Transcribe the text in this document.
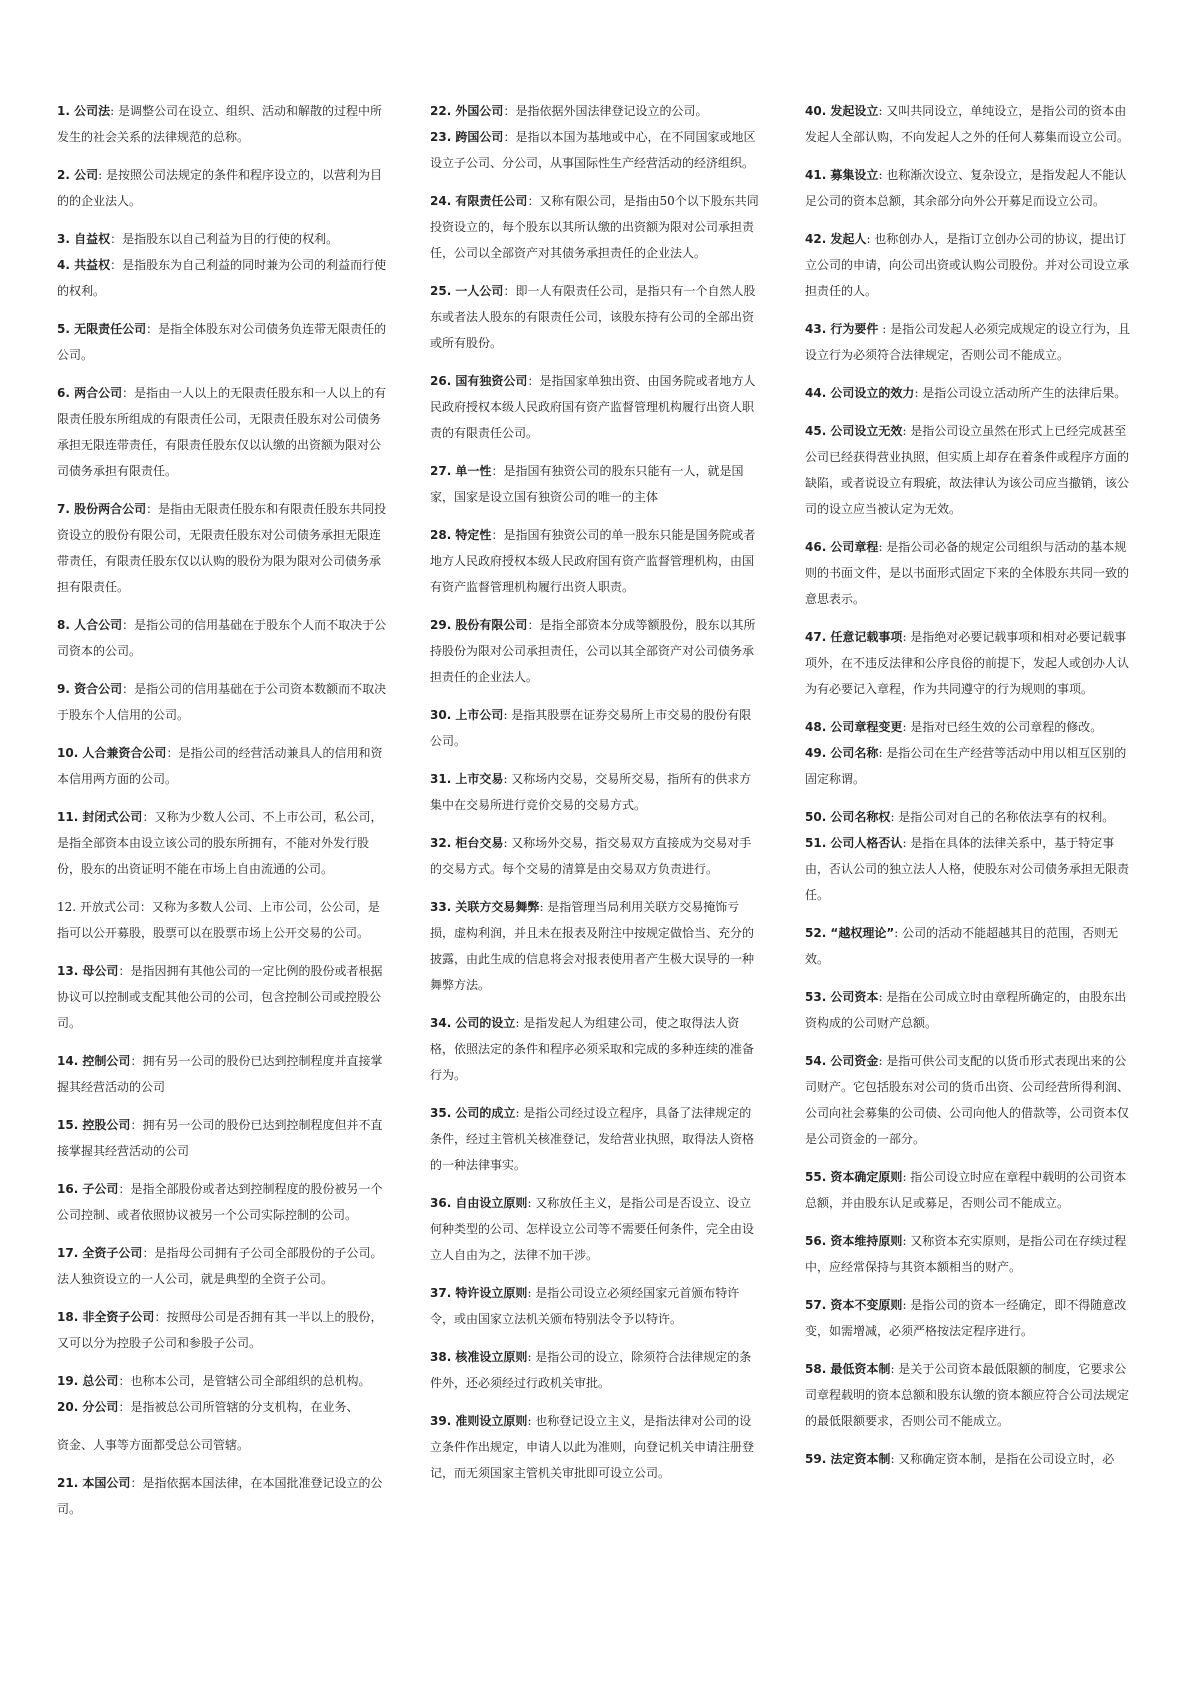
1. 公司法: 是调整公司在设立、组织、活动和解散的过程中所发生的社会关系的法律规范的总称。
2. 公司: 是按照公司法规定的条件和程序设立的，以营利为目的的企业法人。
3. 自益权：是指股东以自己利益为目的行使的权利。
4. 共益权：是指股东为自己利益的同时兼为公司的利益而行使的权利。
5. 无限责任公司：是指全体股东对公司债务负连带无限责任的公司。
6. 两合公司：是指由一人以上的无限责任股东和一人以上的有限责任股东所组成的有限责任公司，无限责任股东对公司债务承担无限连带责任，有限责任股东仅以认缴的出资额为限对公司债务承担有限责任。
7. 股份两合公司：是指由无限责任股东和有限责任股东共同投资设立的股份有限公司，无限责任股东对公司债务承担无限连带责任，有限责任股东仅以认购的股份为限为限对公司债务承担有限责任。
8. 人合公司：是指公司的信用基础在于股东个人而不取决于公司资本的公司。
9. 资合公司：是指公司的信用基础在于公司资本数额而不取决于股东个人信用的公司。
10. 人合兼资合公司：是指公司的经营活动兼具人的信用和资本信用两方面的公司。
11. 封闭式公司：又称为少数人公司、不上市公司，私公司，是指全部资本由设立该公司的股东所拥有，不能对外发行股份，股东的出资证明不能在市场上自由流通的公司。
12. 开放式公司：又称为多数人公司、上市公司，公公司，是指可以公开募股，股票可以在股票市场上公开交易的公司。
13. 母公司：是指因拥有其他公司的一定比例的股份或者根据协议可以控制或支配其他公司的公司，包含控制公司或控股公司。
14. 控制公司：拥有另一公司的股份已达到控制程度并直接掌握其经营活动的公司
15. 控股公司：拥有另一公司的股份已达到控制程度但并不直接掌握其经营活动的公司
16. 子公司：是指全部股份或者达到控制程度的股份被另一个公司控制、或者依照协议被另一个公司实际控制的公司。
17. 全资子公司：是指母公司拥有子公司全部股份的子公司。法人独资设立的一人公司，就是典型的全资子公司。
18. 非全资子公司：按照母公司是否拥有其一半以上的股份，又可以分为控股子公司和参股子公司。
19. 总公司：也称本公司，是管辖公司全部组织的总机构。
20. 分公司：是指被总公司所管辖的分支机构，在业务、
资金、人事等方面都受总公司管辖。
21. 本国公司：是指依据本国法律，在本国批准登记设立的公司。
22. 外国公司：是指依据外国法律登记设立的公司。
23. 跨国公司：是指以本国为基地或中心，在不同国家或地区设立子公司、分公司，从事国际性生产经营活动的经济组织。
24. 有限责任公司：又称有限公司，是指由50个以下股东共同投资设立的，每个股东以其所认缴的出资额为限对公司承担责任，公司以全部资产对其债务承担责任的企业法人。
25. 一人公司：即一人有限责任公司，是指只有一个自然人股东或者法人股东的有限责任公司，该股东持有公司的全部出资或所有股份。
26. 国有独资公司：是指国家单独出资、由国务院或者地方人民政府授权本级人民政府国有资产监督管理机构履行出资人职责的有限责任公司。
27. 单一性：是指国有独资公司的股东只能有一人，就是国家，国家是设立国有独资公司的唯一的主体
28. 特定性：是指国有独资公司的单一股东只能是国务院或者地方人民政府授权本级人民政府国有资产监督管理机构，由国有资产监督管理机构履行出资人职责。
29. 股份有限公司：是指全部资本分成等额股份，股东以其所持股份为限对公司承担责任，公司以其全部资产对公司债务承担责任的企业法人。
30. 上市公司: 是指其股票在证券交易所上市交易的股份有限公司。
31. 上市交易: 又称场内交易，交易所交易，指所有的供求方集中在交易所进行竞价交易的交易方式。
32. 柜台交易: 又称场外交易，指交易双方直接成为交易对手的交易方式。每个交易的清算是由交易双方负责进行。
33. 关联方交易舞弊: 是指管理当局利用关联方交易掩饰亏损，虚构利润，并且未在报表及附注中按规定做恰当、充分的披露，由此生成的信息将会对报表使用者产生极大误导的一种舞弊方法。
34. 公司的设立: 是指发起人为组建公司，使之取得法人资格，依照法定的条件和程序必须采取和完成的多种连续的准备行为。
35. 公司的成立: 是指公司经过设立程序，具备了法律规定的条件，经过主管机关核准登记，发给营业执照，取得法人资格的一种法律事实。
36. 自由设立原则: 又称放任主义，是指公司是否设立、设立何种类型的公司、怎样设立公司等不需要任何条件，完全由设立人自由为之，法律不加干涉。
37. 特许设立原则: 是指公司设立必须经国家元首颁布特许令，或由国家立法机关颁布特别法令予以特许。
38. 核准设立原则: 是指公司的设立，除须符合法律规定的条件外，还必须经过行政机关审批。
39. 准则设立原则: 也称登记设立主义，是指法律对公司的设立条件作出规定，申请人以此为准则，向登记机关申请注册登记，而无须国家主管机关审批即可设立公司。
40. 发起设立: 又叫共同设立，单纯设立，是指公司的资本由发起人全部认购，不向发起人之外的任何人募集而设立公司。
41. 募集设立: 也称渐次设立、复杂设立，是指发起人不能认足公司的资本总额，其余部分向外公开募足而设立公司。
42. 发起人: 也称创办人，是指订立创办公司的协议，提出订立公司的申请，向公司出资或认购公司股份。并对公司设立承担责任的人。
43. 行为要件 : 是指公司发起人必须完成规定的设立行为，且设立行为必须符合法律规定，否则公司不能成立。
44. 公司设立的效力: 是指公司设立活动所产生的法律后果。
45. 公司设立无效: 是指公司设立虽然在形式上已经完成甚至公司已经获得营业执照，但实质上却存在着条件或程序方面的缺陷，或者说设立有瑕疵，故法律认为该公司应当撤销，该公司的设立应当被认定为无效。
46. 公司章程: 是指公司必备的规定公司组织与活动的基本规则的书面文件，是以书面形式固定下来的全体股东共同一致的意思表示。
47. 任意记载事项: 是指绝对必要记载事项和相对必要记载事项外，在不违反法律和公序良俗的前提下，发起人或创办人认为有必要记入章程，作为共同遵守的行为规则的事项。
48. 公司章程变更: 是指对已经生效的公司章程的修改。
49. 公司名称: 是指公司在生产经营等活动中用以相互区别的固定称谓。
50. 公司名称权: 是指公司对自己的名称依法享有的权利。
51. 公司人格否认: 是指在具体的法律关系中，基于特定事由，否认公司的独立法人人格，使股东对公司债务承担无限责任。
52. “越权理论”: 公司的活动不能超越其目的范围，否则无效。
53. 公司资本: 是指在公司成立时由章程所确定的，由股东出资构成的公司财产总额。
54. 公司资金: 是指可供公司支配的以货币形式表现出来的公司财产。它包括股东对公司的货币出资、公司经营所得利润、公司向社会募集的公司债、公司向他人的借款等，公司资本仅是公司资金的一部分。
55. 资本确定原则: 指公司设立时应在章程中载明的公司资本总额，并由股东认足或募足，否则公司不能成立。
56. 资本维持原则: 又称资本充实原则，是指公司在存续过程中，应经常保持与其资本额相当的财产。
57. 资本不变原则: 是指公司的资本一经确定，即不得随意改变，如需增减，必须严格按法定程序进行。
58. 最低资本制: 是关于公司资本最低限额的制度，它要求公司章程载明的资本总额和股东认缴的资本额应符合公司法规定的最低限额要求，否则公司不能成立。
59. 法定资本制: 又称确定资本制，是指在公司设立时，必
